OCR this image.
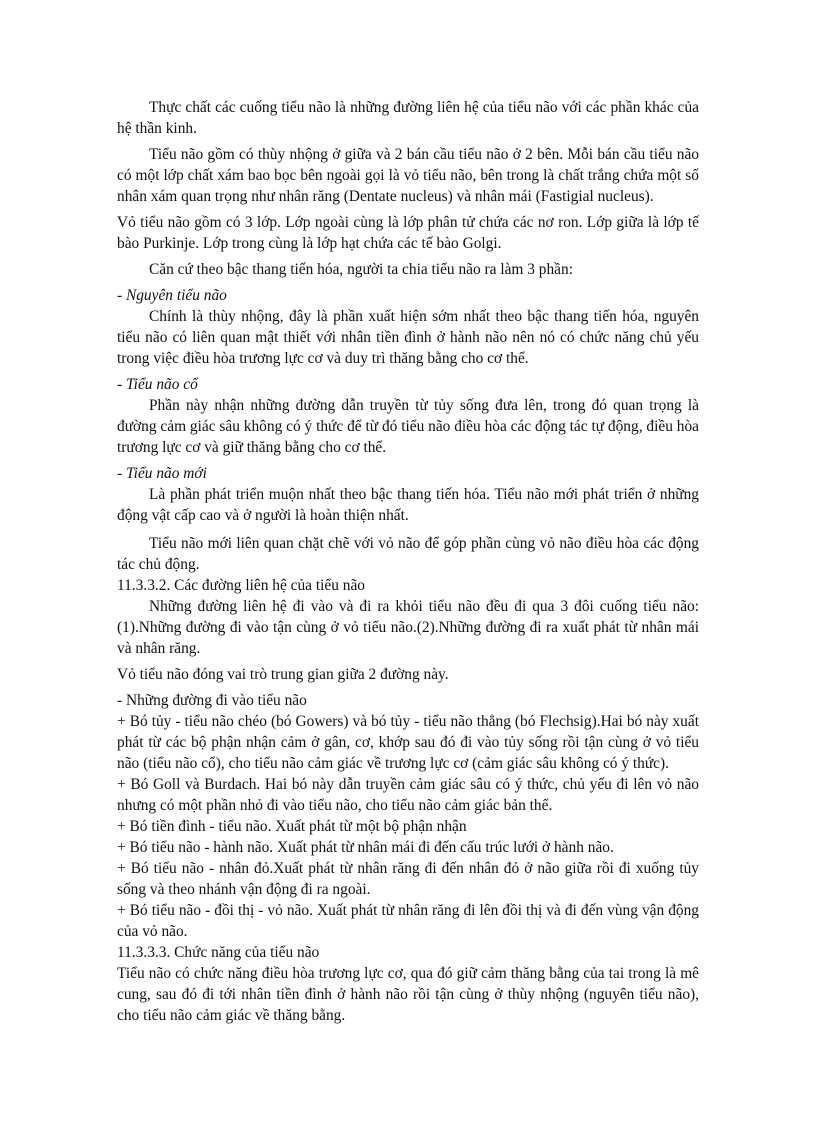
Thực chất các cuống tiểu não là những đường liên hệ của tiểu não với các phần khác của hệ thần kinh.

Tiểu não gồm có thùy nhộng ở giữa và 2 bán cầu tiểu não ở 2 bên. Mỗi bán cầu tiểu não có một lớp chất xám bao bọc bên ngoài gọi là vỏ tiểu não, bên trong là chất trắng chứa một số nhân xám quan trọng như nhân răng (Dentate nucleus) và nhân mái (Fastigial nucleus).

Vỏ tiểu não gồm có 3 lớp. Lớp ngoài cùng là lớp phân tử chứa các nơ ron. Lớp giữa là lớp tế bào Purkinje. Lớp trong cùng là lớp hạt chứa các tế bào Golgi.

Căn cứ theo bậc thang tiến hóa, người ta chia tiểu não ra làm 3 phần:

- Nguyên tiểu não

Chính là thùy nhộng, đây là phần xuất hiện sớm nhất theo bậc thang tiến hóa, nguyên tiểu não có liên quan mật thiết với nhân tiền đình ở hành não nên nó có chức năng chủ yếu trong việc điều hòa trương lực cơ và duy trì thăng bằng cho cơ thể.

- Tiểu não cổ

Phần này nhận những đường dẫn truyền từ tủy sống đưa lên, trong đó quan trọng là đường cảm giác sâu không có ý thức để từ đó tiểu não điều hòa các động tác tự động, điều hòa trương lực cơ và giữ thăng bằng cho cơ thể.

- Tiểu não mới

Là phần phát triển muộn nhất theo bậc thang tiến hóa. Tiểu não mới phát triển ở những động vật cấp cao và ở người là hoàn thiện nhất.

Tiểu não mới liên quan chặt chẽ với vỏ não để góp phần cùng vỏ não điều hòa các động tác chủ động.

11.3.3.2. Các đường liên hệ của tiểu não

Những đường liên hệ đi vào và đi ra khỏi tiểu não đều đi qua 3 đôi cuống tiểu não: (1).Những đường đi vào tận cùng ở vỏ tiểu não.(2).Những đường đi ra xuất phát từ nhân mái và nhân răng.

Vỏ tiểu não đóng vai trò trung gian giữa 2 đường này.

- Những đường đi vào tiểu não

+ Bó tủy - tiểu não chéo (bó Gowers) và bó tủy - tiểu não thẳng (bó Flechsig).Hai bó này xuất phát từ các bộ phận nhận cảm ở gân, cơ, khớp sau đó đi vào tủy sống rồi tận cùng ở vỏ tiểu não (tiểu não cổ), cho tiểu não cảm giác về trương lực cơ (cảm giác sâu không có ý thức).

+ Bó Goll và Burdach. Hai bó này dẫn truyền cảm giác sâu có ý thức, chủ yếu đi lên vỏ não nhưng có một phần nhỏ đi vào tiểu não, cho tiểu não cảm giác bản thể.

+ Bó tiền đình - tiểu não. Xuất phát từ một bộ phận nhận

+ Bó tiểu não - hành não. Xuất phát từ nhân mái đi đến cấu trúc lưới ở hành não.

+ Bó tiểu não - nhân đỏ.Xuất phát từ nhân răng đi đến nhân đỏ ở não giữa rồi đi xuống tủy sống và theo nhánh vận động đi ra ngoài.

+ Bó tiểu não - đồi thị - vỏ não. Xuất phát từ nhân răng đi lên đồi thị và đi đến vùng vận động của vỏ não.

11.3.3.3. Chức năng của tiểu não

Tiểu não có chức năng điều hòa trương lực cơ, qua đó giữ cảm thăng bằng của tai trong là mê cung, sau đó đi tới nhân tiền đình ở hành não rồi tận cùng ở thùy nhộng (nguyên tiểu não), cho tiểu não cảm giác về thăng bằng.
